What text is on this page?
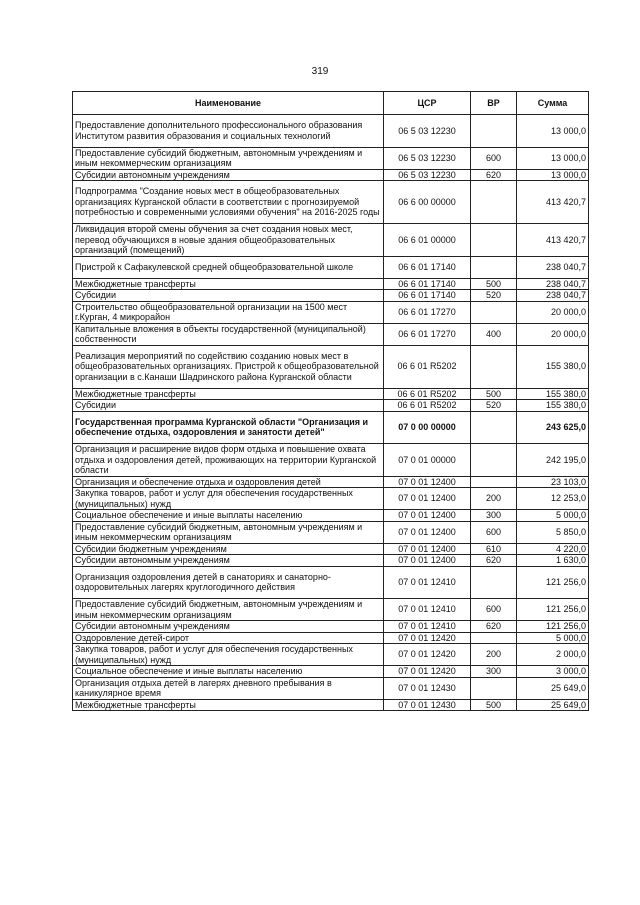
319
Наименование	ЦСР	ВР	Сумма
Предоставление дополнительного профессионального образования Институтом развития образования и социальных технологий	06 5 03 12230		13 000,0
Предоставление субсидий бюджетным, автономным учреждениям и иным некоммерческим организациям	06 5 03 12230	600	13 000,0
Субсидии автономным учреждениям	06 5 03 12230	620	13 000,0
Подпрограмма "Создание новых мест в общеобразовательных организациях Курганской области в соответствии с прогнозируемой потребностью и современными условиями обучения" на 2016-2025 годы	06 6 00 00000		413 420,7
Ликвидация второй смены обучения за счет создания новых мест, перевод обучающихся в новые здания общеобразовательных организаций (помещений)	06 6 01 00000		413 420,7
Пристрой к Сафакулевской средней общеобразовательной школе	06 6 01 17140		238 040,7
Межбюджетные трансферты	06 6 01 17140	500	238 040,7
Субсидии	06 6 01 17140	520	238 040,7
Строительство общеобразовательной организации на 1500 мест г.Курган, 4 микрорайон	06 6 01 17270		20 000,0
Капитальные вложения в объекты государственной (муниципальной) собственности	06 6 01 17270	400	20 000,0
Реализация мероприятий по содействию созданию новых мест в общеобразовательных организациях. Пристрой к общеобразовательной организации в с.Канаши Шадринского района Курганской области	06 6 01 R5202		155 380,0
Межбюджетные трансферты	06 6 01 R5202	500	155 380,0
Субсидии	06 6 01 R5202	520	155 380,0
Государственная программа Курганской области "Организация и обеспечение отдыха, оздоровления и занятости детей"	07 0 00 00000		243 625,0
Организация и расширение видов форм отдыха и повышение охвата отдыха и оздоровления детей, проживающих на территории Курганской области	07 0 01 00000		242 195,0
Организация и обеспечение отдыха и оздоровления детей	07 0 01 12400		23 103,0
Закупка товаров, работ и услуг для обеспечения государственных (муниципальных) нужд	07 0 01 12400	200	12 253,0
Социальное обеспечение и иные выплаты населению	07 0 01 12400	300	5 000,0
Предоставление субсидий бюджетным, автономным учреждениям и иным некоммерческим организациям	07 0 01 12400	600	5 850,0
Субсидии бюджетным учреждениям	07 0 01 12400	610	4 220,0
Субсидии автономным учреждениям	07 0 01 12400	620	1 630,0
Организация оздоровления детей в санаториях и санаторно-оздоровительных лагерях круглогодичного действия	07 0 01 12410		121 256,0
Предоставление субсидий бюджетным, автономным учреждениям и иным некоммерческим организациям	07 0 01 12410	600	121 256,0
Субсидии автономным учреждениям	07 0 01 12410	620	121 256,0
Оздоровление детей-сирот	07 0 01 12420		5 000,0
Закупка товаров, работ и услуг для обеспечения государственных (муниципальных) нужд	07 0 01 12420	200	2 000,0
Социальное обеспечение и иные выплаты населению	07 0 01 12420	300	3 000,0
Организация отдыха детей в лагерях дневного пребывания в каникулярное время	07 0 01 12430		25 649,0
Межбюджетные трансферты	07 0 01 12430	500	25 649,0
